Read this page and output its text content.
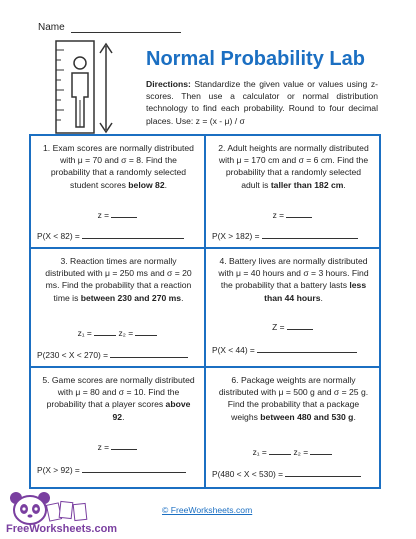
Name
Normal Probability Lab
Directions: Standardize the given value or values using z-scores. Then use a calculator or normal distribution technology to find each probability. Round to four decimal places. Use: z = (x - μ) / σ
1. Exam scores are normally distributed with μ = 70 and σ = 8. Find the probability that a randomly selected student scores below 82.
z =
P(X < 82) =
2. Adult heights are normally distributed with μ = 170 cm and σ = 6 cm. Find the probability that a randomly selected adult is taller than 182 cm.
z =
P(X > 182) =
3. Reaction times are normally distributed with μ = 250 ms and σ = 20 ms. Find the probability that a reaction time is between 230 and 270 ms.
z₁ =	z₂ =
P(230 < X < 270) =
4. Battery lives are normally distributed with μ = 40 hours and σ = 3 hours. Find the probability that a battery lasts less than 44 hours.
Z =
P(X < 44) =
5. Game scores are normally distributed with μ = 80 and σ = 10. Find the probability that a player scores above 92.
z =
P(X > 92) =
6. Package weights are normally distributed with μ = 500 g and σ = 25 g. Find the probability that a package weighs between 480 and 530 g.
z₁ =	z₂ =
P(480 < X < 530) =
FreeWorksheets.com
© FreeWorksheets.com
